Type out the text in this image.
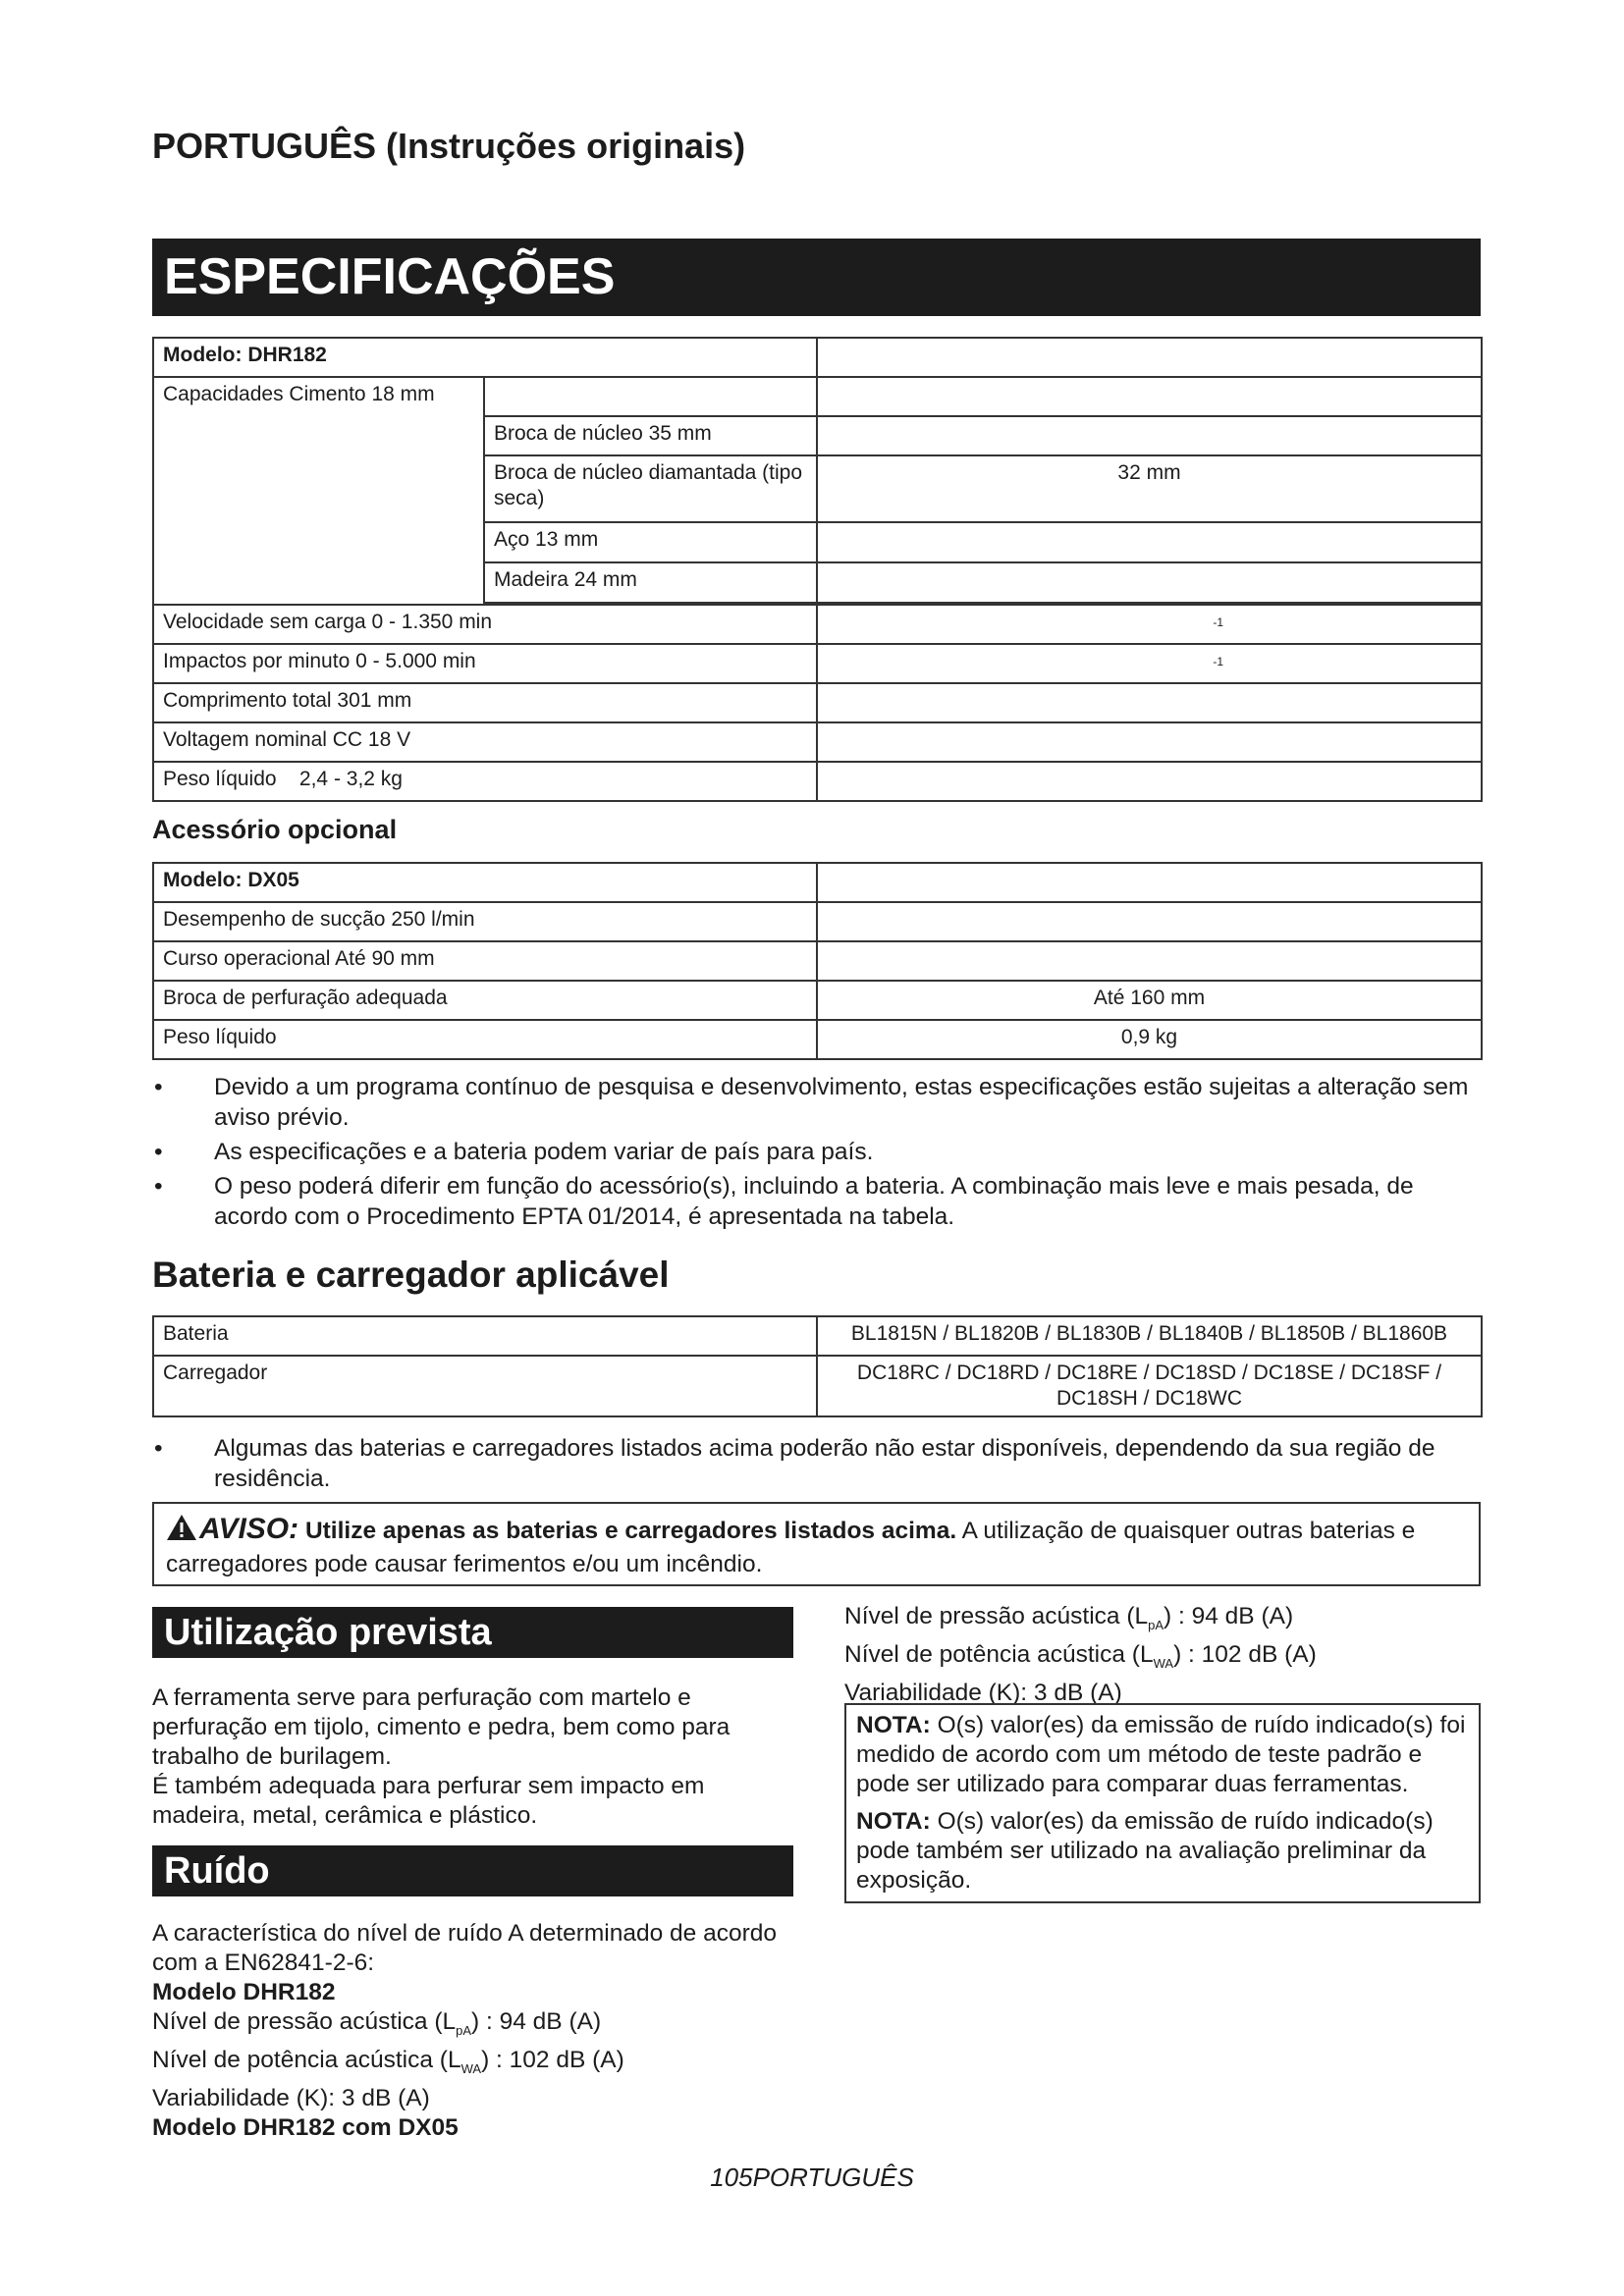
PORTUGUÊS (Instruções originais)
ESPECIFICAÇÕES
Modelo: DHR182		
Capacidades Cimento 18 mm		
	Broca de núcleo 35 mm	
	Broca de núcleo diamantada (tipo seca)	32 mm
	Aço 13 mm	
	Madeira 24 mm	

Velocidade sem carga 0 - 1.350 min		-1

Impactos por minuto 0 - 5.000 min		-1

Comprimento total 301 mm		
Voltagem nominal CC 18 V		
Peso líquido    2,4 - 3,2 kg		
Acessório opcional
Modelo: DX05	
Desempenho de sucção 250 l/min	
Curso operacional Até 90 mm	
Broca de perfuração adequada	Até 160 mm
Peso líquido	0,9 kg
• Devido a um programa contínuo de pesquisa e desenvolvimento, estas especificações estão sujeitas a alteração sem aviso prévio.
• As especificações e a bateria podem variar de país para país.
• O peso poderá diferir em função do acessório(s), incluindo a bateria. A combinação mais leve e mais pesada, de acordo com o Procedimento EPTA 01/2014, é apresentada na tabela.
Bateria e carregador aplicável
Bateria	BL1815N / BL1820B / BL1830B / BL1840B / BL1850B / BL1860B
Carregador	DC18RC / DC18RD / DC18RE / DC18SD / DC18SE / DC18SF / DC18SH / DC18WC
• Algumas das baterias e carregadores listados acima poderão não estar disponíveis, dependendo da sua região de residência.
AVISO: Utilize apenas as baterias e carregadores listados acima. A utilização de quaisquer outras baterias e carregadores pode causar ferimentos e/ou um incêndio.
Utilização prevista
A ferramenta serve para perfuração com martelo e perfuração em tijolo, cimento e pedra, bem como para trabalho de burilagem.
É também adequada para perfurar sem impacto em madeira, metal, cerâmica e plástico.
Ruído
A característica do nível de ruído A determinado de acordo com a EN62841-2-6:
Modelo DHR182
Nível de pressão acústica $(L_{pA})$ : 94 dB (A)
Nível de potência acústica $(L_{WA})$ : 102 dB (A)
Variabilidade (K): 3 dB (A)
Modelo DHR182 com DX05
Nível de pressão acústica $(L_{pA})$ : 94 dB (A)
Nível de potência acústica $(L_{WA})$ : 102 dB (A)
Variabilidade (K): 3 dB (A)

NOTA: O(s) valor(es) da emissão de ruído indicado(s) foi medido de acordo com um método de teste padrão e pode ser utilizado para comparar duas ferramentas.

NOTA: O(s) valor(es) da emissão de ruído indicado(s) pode também ser utilizado na avaliação preliminar da exposição.

105PORTUGUÊS
